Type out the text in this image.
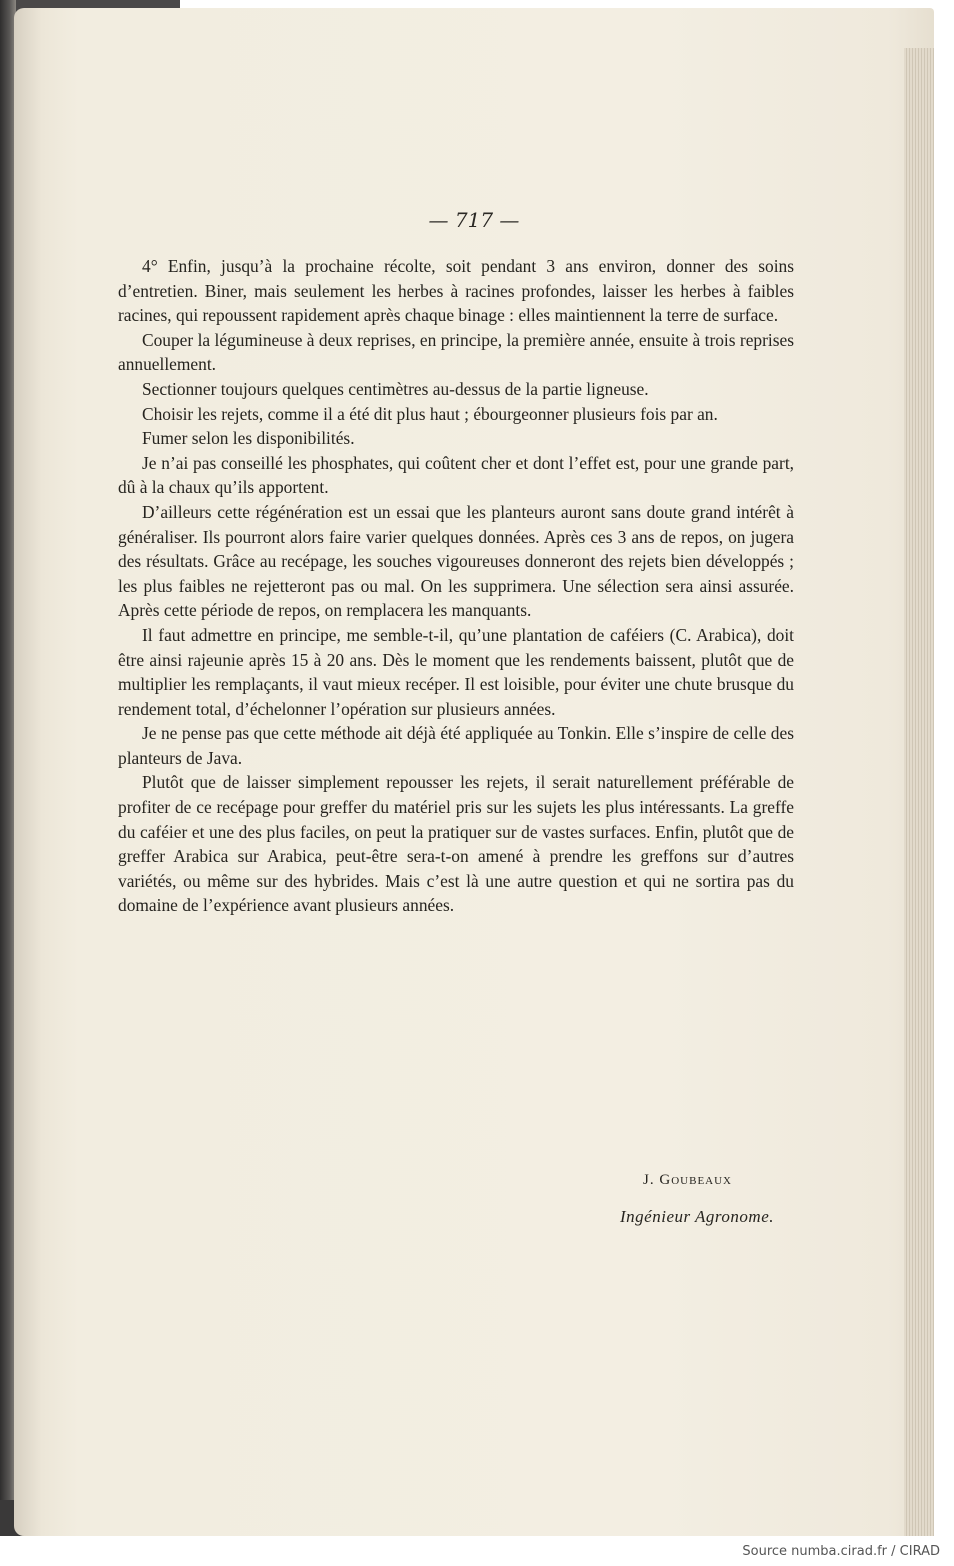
— 717 —

4° Enfin, jusqu’à la prochaine récolte, soit pendant 3 ans environ, donner des soins d’entretien. Biner, mais seulement les herbes à racines profondes, laisser les herbes à faibles racines, qui repoussent rapidement après chaque binage : elles maintiennent la terre de surface.

Couper la légumineuse à deux reprises, en principe, la première année, ensuite à trois reprises annuellement.

Sectionner toujours quelques centimètres au-dessus de la partie ligneuse.

Choisir les rejets, comme il a été dit plus haut ; ébourgeonner plusieurs fois par an.

Fumer selon les disponibilités.

Je n’ai pas conseillé les phosphates, qui coûtent cher et dont l’effet est, pour une grande part, dû à la chaux qu’ils apportent.

D’ailleurs cette régénération est un essai que les planteurs auront sans doute grand intérêt à généraliser. Ils pourront alors faire varier quelques données. Après ces 3 ans de repos, on jugera des résultats. Grâce au recépage, les souches vigoureuses donneront des rejets bien développés ; les plus faibles ne rejetteront pas ou mal. On les supprimera. Une sélection sera ainsi assurée. Après cette période de repos, on remplacera les manquants.

Il faut admettre en principe, me semble-t-il, qu’une plantation de caféiers (C. Arabica), doit être ainsi rajeunie après 15 à 20 ans. Dès le moment que les rendements baissent, plutôt que de multiplier les remplaçants, il vaut mieux recéper. Il est loisible, pour éviter une chute brusque du rendement total, d’échelonner l’opération sur plusieurs années.

Je ne pense pas que cette méthode ait déjà été appliquée au Tonkin. Elle s’inspire de celle des planteurs de Java.

Plutôt que de laisser simplement repousser les rejets, il serait naturellement préférable de profiter de ce recépage pour greffer du matériel pris sur les sujets les plus intéressants. La greffe du caféier et une des plus faciles, on peut la pratiquer sur de vastes surfaces. Enfin, plutôt que de greffer Arabica sur Arabica, peut-être sera-t-on amené à prendre les greffons sur d’autres variétés, ou même sur des hybrides. Mais c’est là une autre question et qui ne sortira pas du domaine de l’expérience avant plusieurs années.

J. Goubeaux
Ingénieur Agronome.
Source numba.cirad.fr / CIRAD
